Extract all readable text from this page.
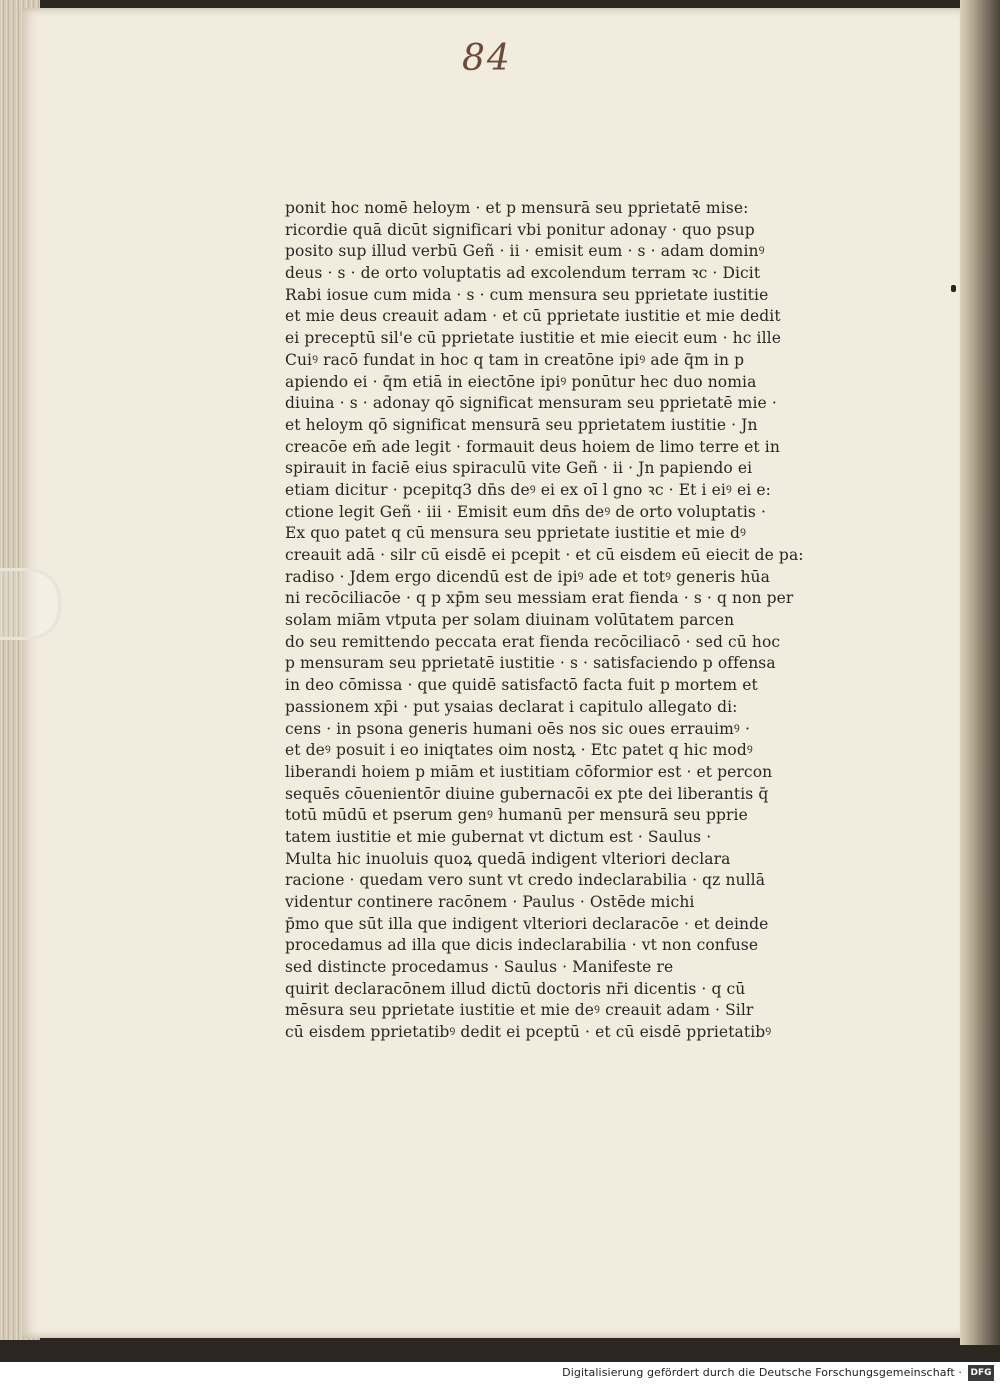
84
ponit hoc nomē heloym · et p mensurā seu pprietatē mise:
ricordie quā dicūt significari vbi ponitur adonay · quo psup
posito sup illud verbū Geñ · ii · emisit eum · s · adam dominꝰ
deus · s · de orto voluptatis ad excolendum terram ꝛc · Dicit
Rabi iosue cum mida · s · cum mensura seu pprietate iustitie
et mie deus creauit adam · et cū pprietate iustitie et mie dedit
ei preceptū sil'e cū pprietate iustitie et mie eiecit eum · hc ille
Cuiꝰ racō fundat in hoc q tam in creatōne ipiꝰ ade q̄m in p
apiendo ei · q̄m etiā in eiectōne ipiꝰ ponūtur hec duo nomia
diuina · s · adonay qō significat mensuram seu pprietatē mie ·
et heloym qō significat mensurā seu pprietatem iustitie · Jn
creacōe em̄ ade legit · formauit deus hoiem de limo terre et in
spirauit in faciē eius spiraculū vite Geñ · ii · Jn papiendo ei
etiam dicitur · pcepitq3 dn̄s deꝰ ei ex oī l gno ꝛc · Et i eiꝰ ei e:
ctione legit Geñ · iii · Emisit eum dn̄s deꝰ de orto voluptatis ·
Ex quo patet q cū mensura seu pprietate iustitie et mie dꝰ
creauit adā · silr cū eisdē ei pcepit · et cū eisdem eū eiecit de pa:
radiso · Jdem ergo dicendū est de ipiꝰ ade et totꝰ generis hūa
ni recōciliacōe · q p xp̄m seu messiam erat fienda · s · q non per
solam miām vtputa per solam diuinam volūtatem parcen
do seu remittendo peccata erat fienda recōciliacō · sed cū hoc
p mensuram seu pprietatē iustitie · s · satisfaciendo p offensa
in deo cōmissa · que quidē satisfactō facta fuit p mortem et
passionem xp̄i · put ysaias declarat i capitulo allegato di:
cens · in psona generis humani oēs nos sic oues errauimꝰ ·
et deꝰ posuit i eo iniqtates oim nostꝝ · Etc patet q hic modꝰ
liberandi hoiem p miām et iustitiam cōformior est · et percon
sequēs cōuenientōr diuine gubernacōi ex pte dei liberantis q̄
totū mūdū et pserum genꝰ humanū per mensurā seu pprie
tatem iustitie et mie gubernat vt dictum est · Saulus ·
Multa hic inuoluis quoꝝ quedā indigent vlteriori declara
racione · quedam vero sunt vt credo indeclarabilia · qz nullā
videntur continere racōnem · Paulus · Ostēde michi
p̄mo que sūt illa que indigent vlteriori declaracōe · et deinde
procedamus ad illa que dicis indeclarabilia · vt non confuse
sed distincte procedamus · Saulus · Manifeste re
quirit declaracōnem illud dictū doctoris nr̄i dicentis · q cū
mēsura seu pprietate iustitie et mie deꝰ creauit adam · Silr
cū eisdem pprietatibꝰ dedit ei pceptū · et cū eisdē pprietatibꝰ
Digitalisierung gefördert durch die Deutsche Forschungsgemeinschaft · DFG
